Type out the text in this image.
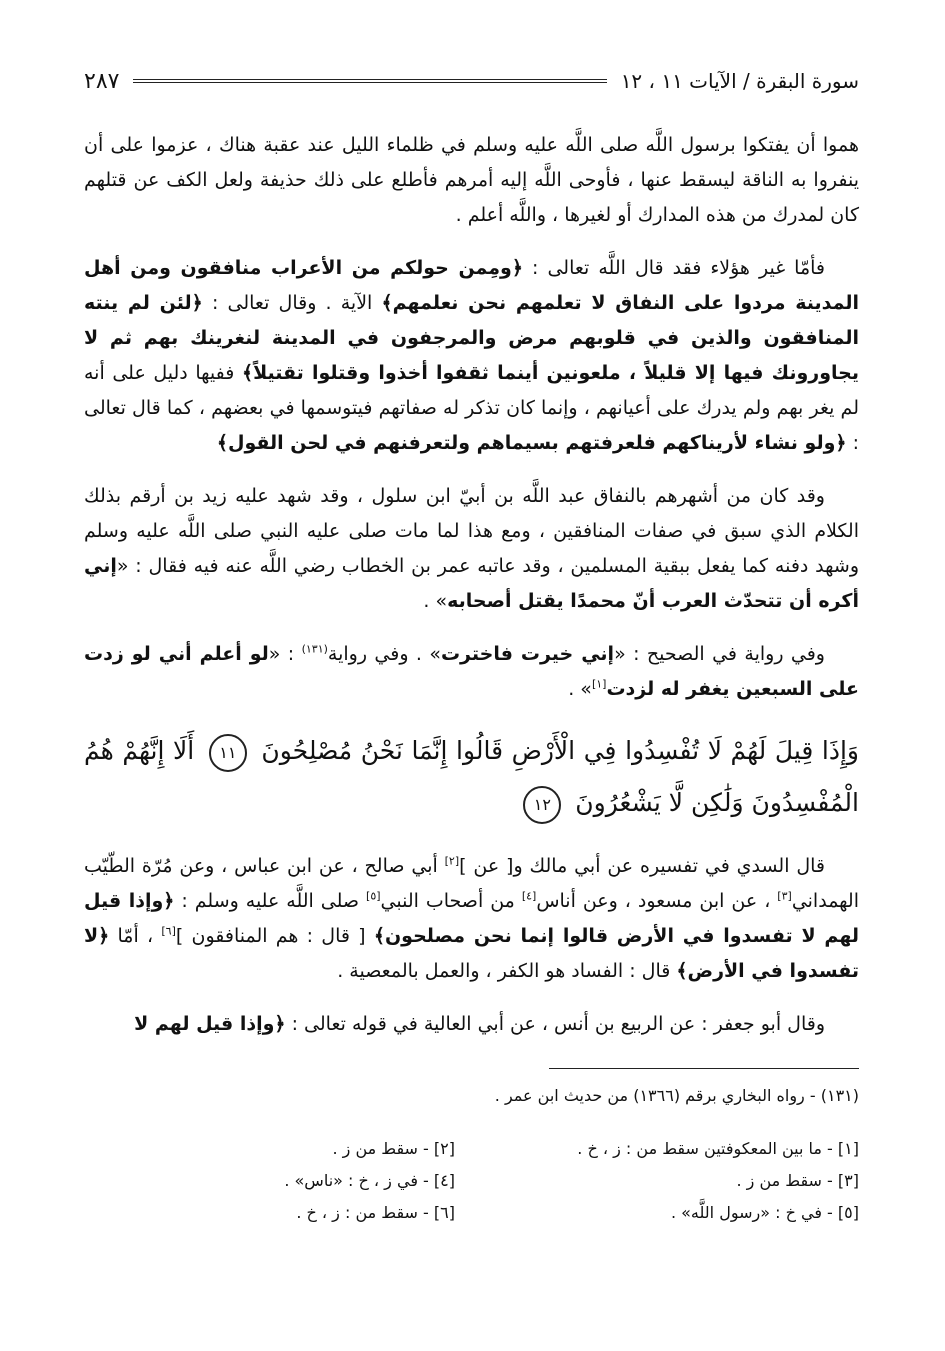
سورة البقرة / الآيات ١١ ، ١٢
٢٨٧

هموا أن يفتكوا برسول اللَّه صلى اللَّه عليه وسلم في ظلماء الليل عند عقبة هناك ، عزموا على أن ينفروا به الناقة ليسقط عنها ، فأوحى اللَّه إليه أمرهم فأطلع على ذلك حذيفة ولعل الكف عن قتلهم كان لمدرك من هذه المدارك أو لغيرها ، واللَّه أعلم .

فأمّا غير هؤلاء فقد قال اللَّه تعالى : ﴿ومِمن حولكم من الأعراب منافقون ومن أهل المدينة مردوا على النفاق لا تعلمهم نحن نعلمهم﴾ الآية . وقال تعالى : ﴿لئن لم ينته المنافقون والذين في قلوبهم مرض والمرجفون في المدينة لنغرينك بهم ثم لا يجاورونك فيها إلا قليلاً ، ملعونين أينما ثقفوا أخذوا وقتلوا تقتيلاً﴾ ففيها دليل على أنه لم يغر بهم ولم يدرك على أعيانهم ، وإنما كان تذكر له صفاتهم فيتوسمها في بعضهم ، كما قال تعالى : ﴿ولو نشاء لأريناكهم فلعرفتهم بسيماهم ولتعرفنهم في لحن القول﴾

وقد كان من أشهرهم بالنفاق عبد اللَّه بن أبيّ ابن سلول ، وقد شهد عليه زيد بن أرقم بذلك الكلام الذي سبق في صفات المنافقين ، ومع هذا لما مات صلى عليه النبي صلى اللَّه عليه وسلم وشهد دفنه كما يفعل ببقية المسلمين ، وقد عاتبه عمر بن الخطاب رضي اللَّه عنه فيه فقال : «إني أكره أن تتحدّث العرب أنّ محمدًا يقتل أصحابه» .

وفي رواية في الصحيح : «إني خيرت فاخترت» . وفي رواية$^{(١٣١)}$ : «لو أعلم أني لو زدت على السبعين يغفر له لزدت[١]» .

وَإِذَا قِيلَ لَهُمْ لَا تُفْسِدُوا فِي الْأَرْضِ قَالُوا إِنَّمَا نَحْنُ مُصْلِحُونَ ١١ أَلَا إِنَّهُمْ هُمُ الْمُفْسِدُونَ وَلَٰكِن لَّا يَشْعُرُونَ ١٢

قال السدي في تفسيره عن أبي مالك و[ عن ][٢] أبي صالح ، عن ابن عباس ، وعن مُرّة الطّيّب الهمداني[٣] ، عن ابن مسعود ، وعن أناس[٤] من أصحاب النبي[٥] صلى اللَّه عليه وسلم : ﴿وإذا قيل لهم لا تفسدوا في الأرض قالوا إنما نحن مصلحون﴾ [ قال : هم المنافقون ][٦] ، أمّا ﴿لا تفسدوا في الأرض﴾ قال : الفساد هو الكفر ، والعمل بالمعصية .

وقال أبو جعفر : عن الربيع بن أنس ، عن أبي العالية في قوله تعالى : ﴿وإذا قيل لهم لا

(١٣١) - رواه البخاري برقم (١٣٦٦) من حديث ابن عمر .
[١] - ما بين المعكوفتين سقط من : ز ، خ .
[٢] - سقط من ز .
[٣] - سقط من ز .
[٤] - في ز ، خ : «ناس» .
[٥] - في خ : «رسول اللَّه» .
[٦] - سقط من : ز ، خ .
